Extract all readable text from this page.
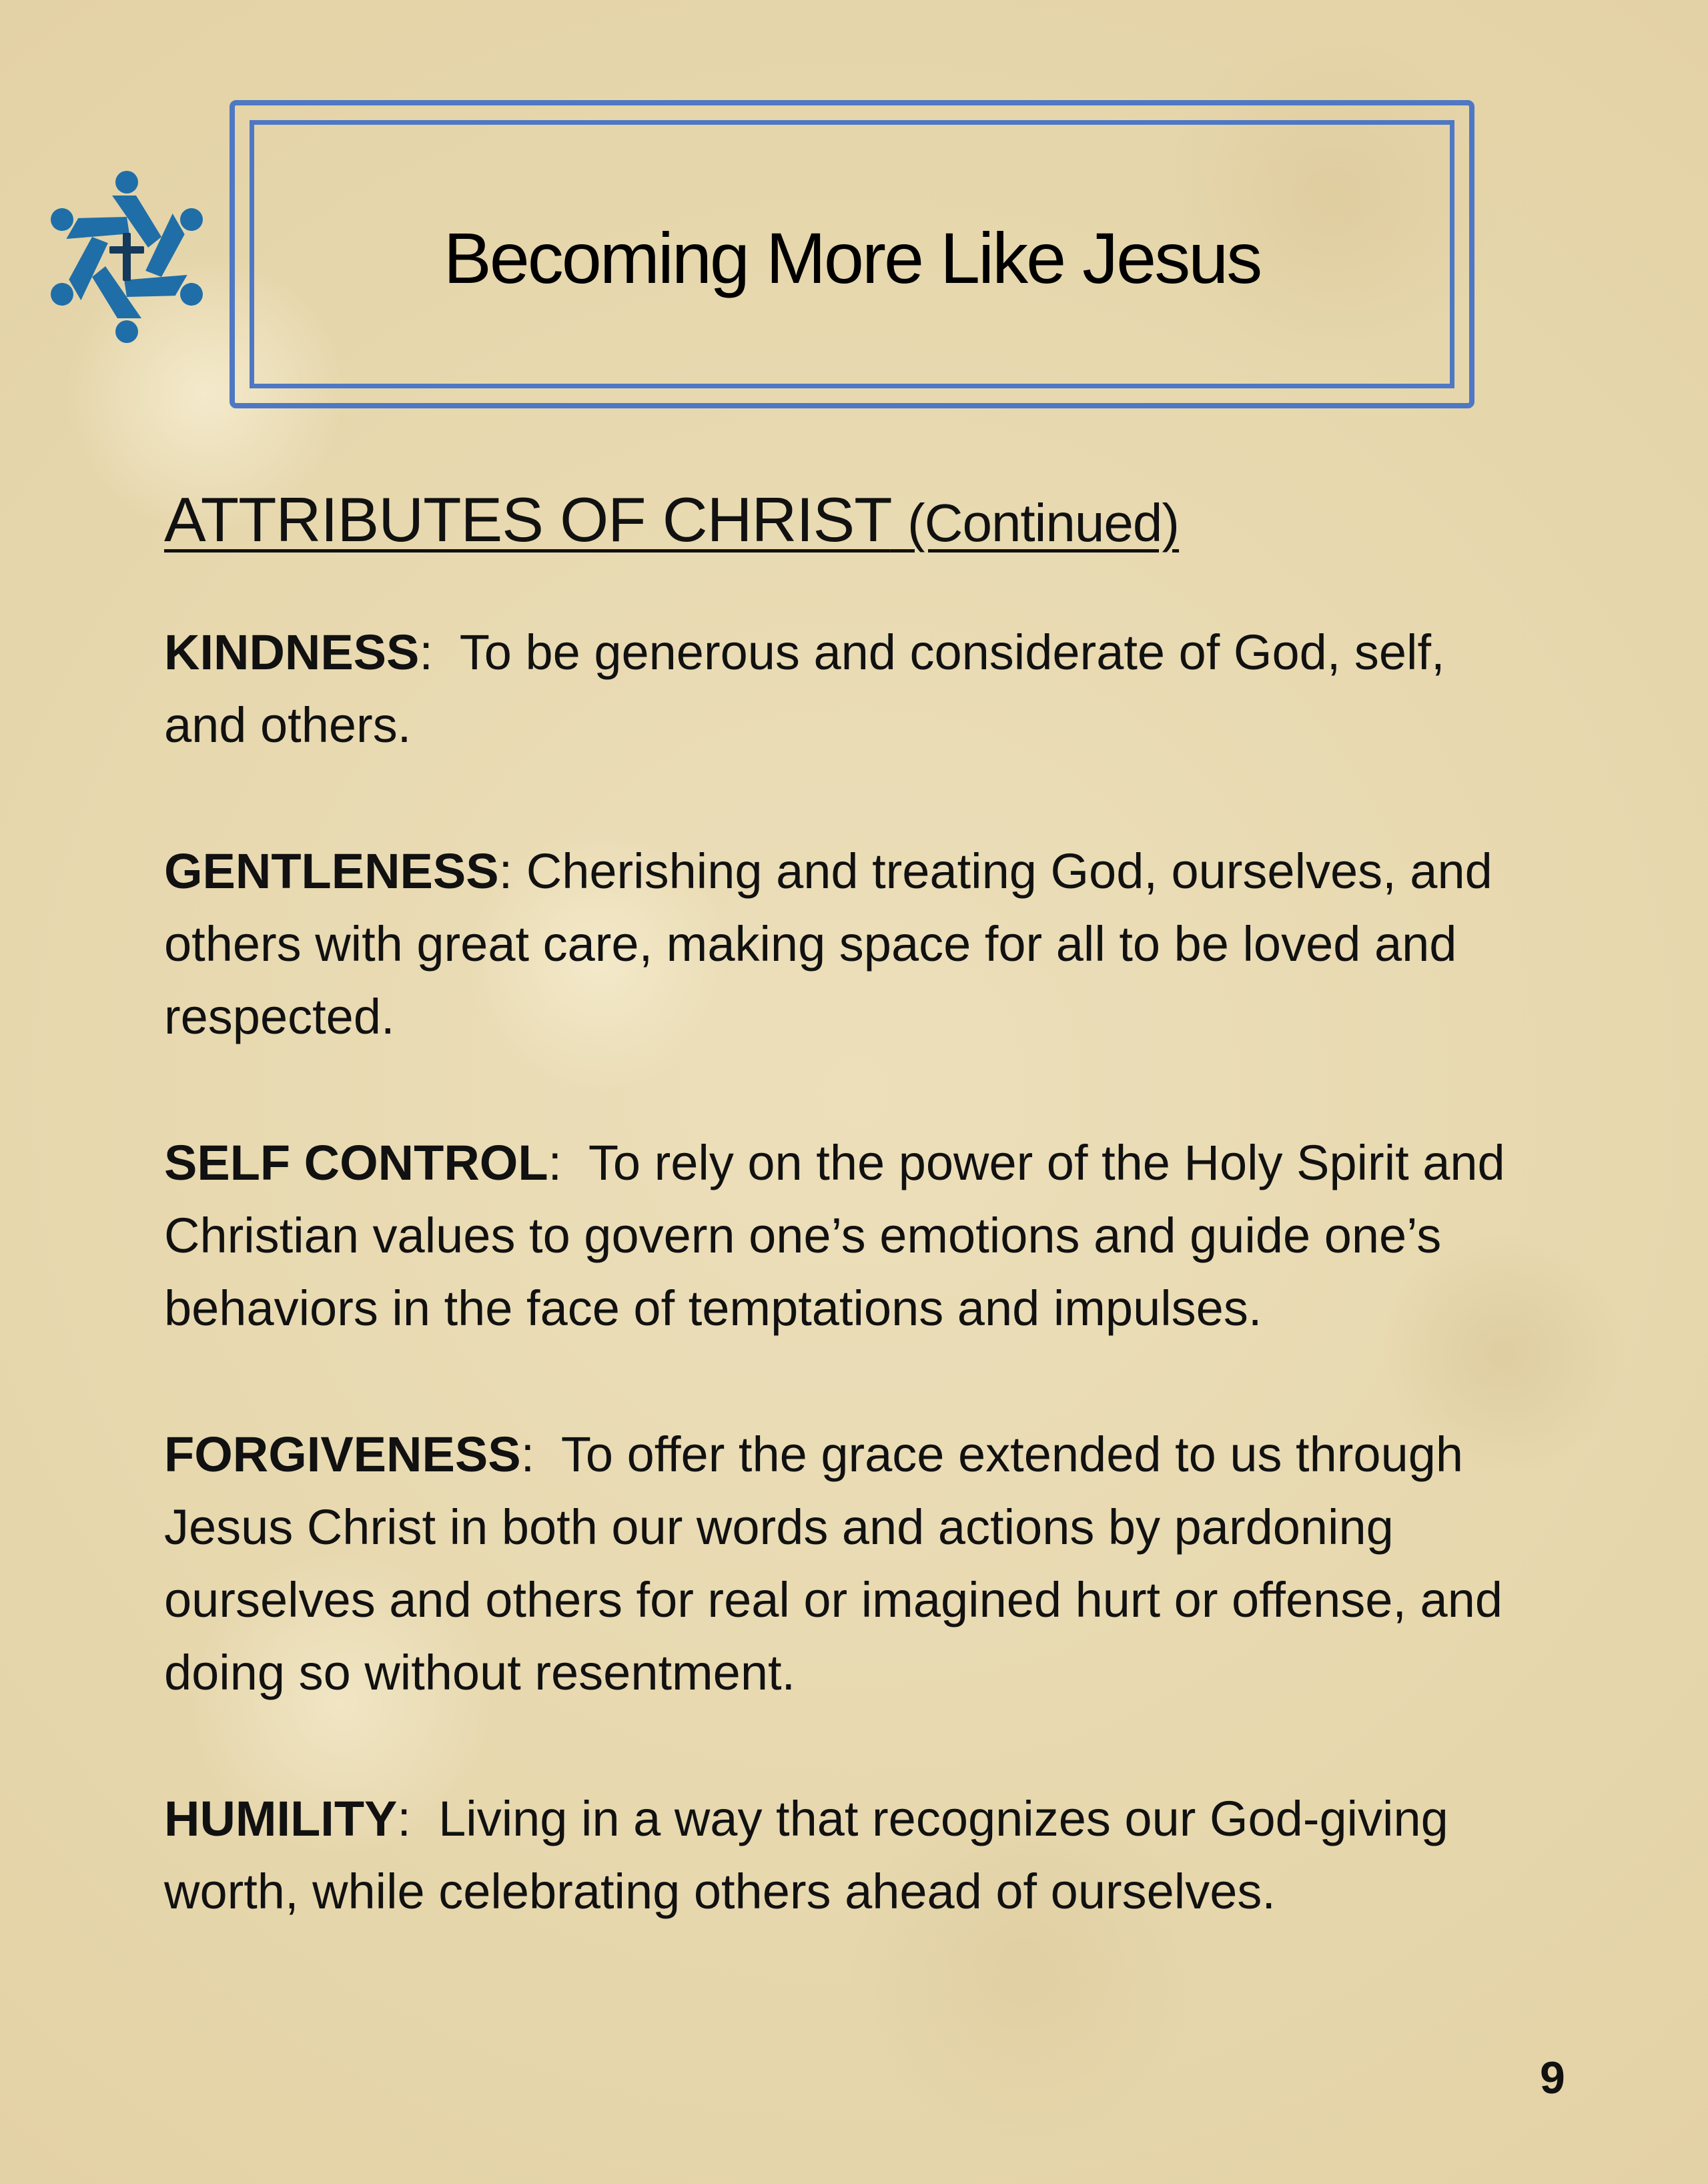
Becoming More Like Jesus
ATTRIBUTES OF CHRIST (Continued)

KINDNESS:  To be generous and considerate of God, self, and others.

GENTLENESS: Cherishing and treating God, ourselves, and others with great care, making space for all to be loved and respected.

SELF CONTROL:  To rely on the power of the Holy Spirit and Christian values to govern one’s emotions and guide one’s behaviors in the face of temptations and impulses.

FORGIVENESS:  To offer the grace extended to us through Jesus Christ in both our words and actions by pardoning ourselves and others for real or imagined hurt or offense, and doing so without resentment.

HUMILITY:  Living in a way that recognizes our God-giving worth, while celebrating others ahead of ourselves.

9
